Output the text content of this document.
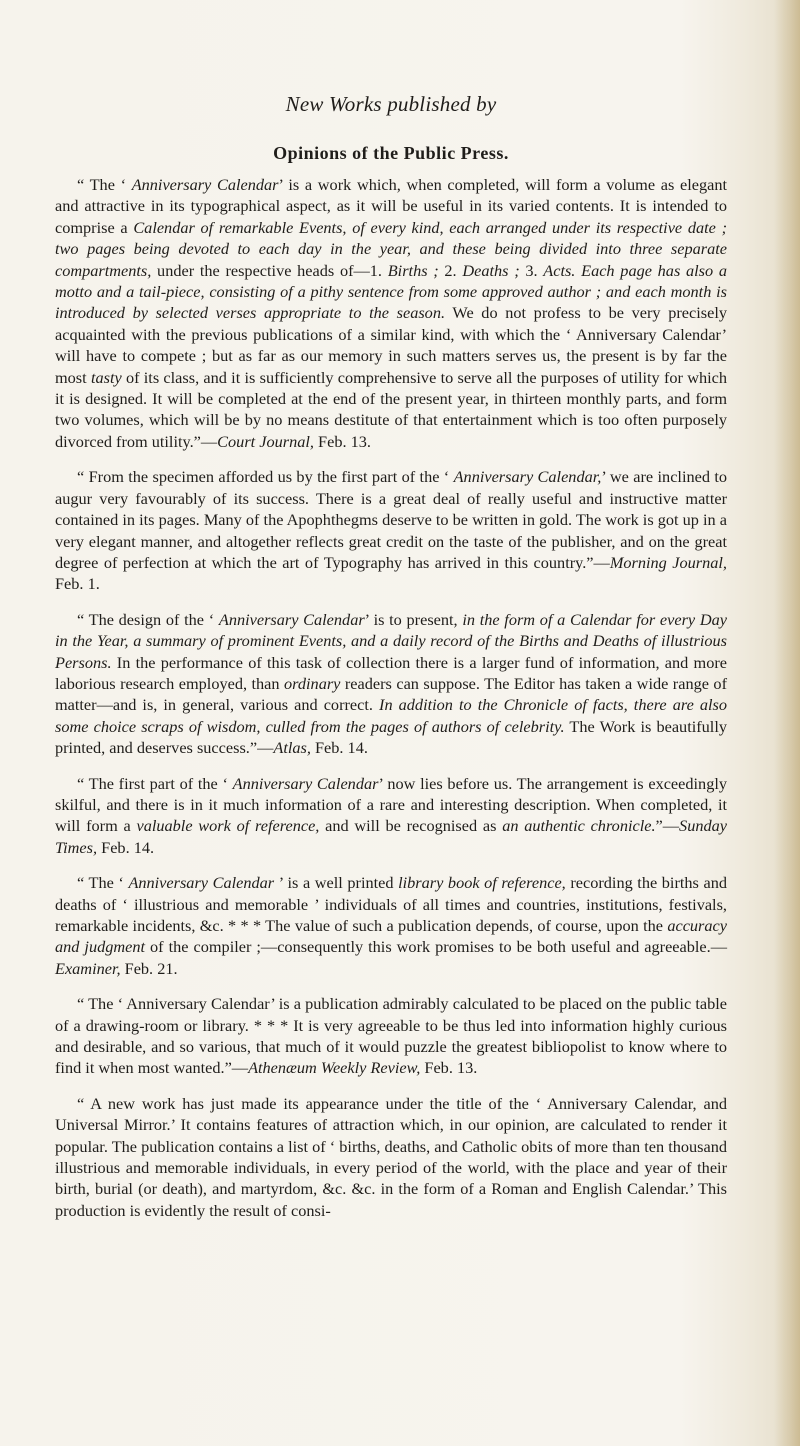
New Works published by
Opinions of the Public Press.

“ The ‘ Anniversary Calendar’ is a work which, when completed, will form a volume as elegant and attractive in its typographical aspect, as it will be useful in its varied contents. It is intended to comprise a Calendar of remarkable Events, of every kind, each arranged under its respective date ; two pages being devoted to each day in the year, and these being divided into three separate compartments, under the respective heads of—1. Births ; 2. Deaths ; 3. Acts. Each page has also a motto and a tail-piece, consisting of a pithy sentence from some approved author ; and each month is introduced by selected verses appropriate to the season. We do not profess to be very precisely acquainted with the previous publications of a similar kind, with which the ‘ Anniversary Calendar’ will have to compete ; but as far as our memory in such matters serves us, the present is by far the most tasty of its class, and it is sufficiently comprehensive to serve all the purposes of utility for which it is designed. It will be completed at the end of the present year, in thirteen monthly parts, and form two volumes, which will be by no means destitute of that entertainment which is too often purposely divorced from utility.”—Court Journal, Feb. 13.

“ From the specimen afforded us by the first part of the ‘ Anniversary Calendar,’ we are inclined to augur very favourably of its success. There is a great deal of really useful and instructive matter contained in its pages. Many of the Apophthegms deserve to be written in gold. The work is got up in a very elegant manner, and altogether reflects great credit on the taste of the publisher, and on the great degree of perfection at which the art of Typography has arrived in this country.”—Morning Journal, Feb. 1.

“ The design of the ‘ Anniversary Calendar’ is to present, in the form of a Calendar for every Day in the Year, a summary of prominent Events, and a daily record of the Births and Deaths of illustrious Persons. In the performance of this task of collection there is a larger fund of information, and more laborious research employed, than ordinary readers can suppose. The Editor has taken a wide range of matter—and is, in general, various and correct. In addition to the Chronicle of facts, there are also some choice scraps of wisdom, culled from the pages of authors of celebrity. The Work is beautifully printed, and deserves success.”—Atlas, Feb. 14.

“ The first part of the ‘ Anniversary Calendar’ now lies before us. The arrangement is exceedingly skilful, and there is in it much information of a rare and interesting description. When completed, it will form a valuable work of reference, and will be recognised as an authentic chronicle.”—Sunday Times, Feb. 14.

“ The ‘ Anniversary Calendar ’ is a well printed library book of reference, recording the births and deaths of ‘ illustrious and memorable ’ individuals of all times and countries, institutions, festivals, remarkable incidents, &c. * * * The value of such a publication depends, of course, upon the accuracy and judgment of the compiler ;—consequently this work promises to be both useful and agreeable.—Examiner, Feb. 21.

“ The ‘ Anniversary Calendar’ is a publication admirably calculated to be placed on the public table of a drawing-room or library. * * * It is very agreeable to be thus led into information highly curious and desirable, and so various, that much of it would puzzle the greatest bibliopolist to know where to find it when most wanted.”—Athenæum Weekly Review, Feb. 13.

“ A new work has just made its appearance under the title of the ‘ Anniversary Calendar, and Universal Mirror.’ It contains features of attraction which, in our opinion, are calculated to render it popular. The publication contains a list of ‘ births, deaths, and Catholic obits of more than ten thousand illustrious and memorable individuals, in every period of the world, with the place and year of their birth, burial (or death), and martyrdom, &c. &c. in the form of a Roman and English Calendar.’ This production is evidently the result of consi-
